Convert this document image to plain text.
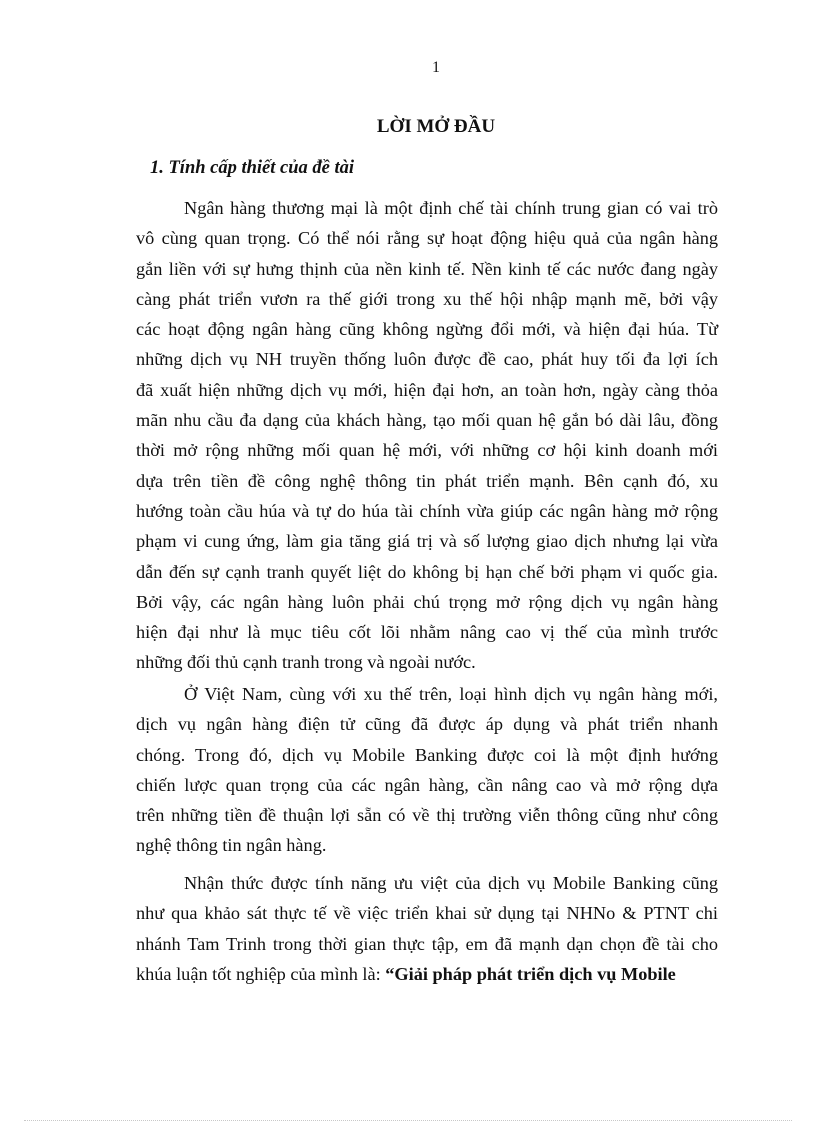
1
LỜI MỞ ĐẦU
1. Tính cấp thiết của đề tài
Ngân hàng thương mại là một định chế tài chính trung gian có vai trò
vô cùng quan trọng. Có thể nói rằng sự hoạt động hiệu quả của ngân hàng
gắn liền với sự hưng thịnh của nền kinh tế. Nền kinh tế các nước đang ngày
càng phát triển vươn ra thế giới trong xu thế hội nhập mạnh mẽ, bởi vậy
các hoạt động ngân hàng cũng không ngừng đổi mới, và hiện đại húa. Từ
những dịch vụ NH truyền thống luôn được đề cao, phát huy tối đa lợi ích
đã xuất hiện những dịch vụ mới, hiện đại hơn, an toàn hơn, ngày càng thỏa
mãn nhu cầu đa dạng của khách hàng, tạo mối quan hệ gắn bó dài lâu, đồng
thời mở rộng những mối quan hệ mới, với những cơ hội kinh doanh mới
dựa trên tiền đề công nghệ thông tin phát triển mạnh. Bên cạnh đó, xu
hướng toàn cầu húa và tự do húa tài chính vừa giúp các ngân hàng mở rộng
phạm vi cung ứng, làm gia tăng giá trị và số lượng giao dịch nhưng lại vừa
dẫn đến sự cạnh tranh quyết liệt do không bị hạn chế bởi phạm vi quốc gia.
Bởi vậy, các ngân hàng luôn phải chú trọng mở rộng dịch vụ ngân hàng
hiện đại như là mục tiêu cốt lõi nhằm nâng cao vị thế của mình trước
những đối thủ cạnh tranh trong và ngoài nước.
Ở Việt Nam, cùng với xu thế trên, loại hình dịch vụ ngân hàng mới,
dịch vụ ngân hàng điện tử cũng đã được áp dụng và phát triển nhanh
chóng. Trong đó, dịch vụ Mobile Banking được coi là một định hướng
chiến lược quan trọng của các ngân hàng, cần nâng cao và mở rộng dựa
trên những tiền đề thuận lợi sẵn có về thị trường viễn thông cũng như công
nghệ thông tin ngân hàng.
Nhận thức được tính năng ưu việt của dịch vụ Mobile Banking cũng
như qua khảo sát thực tế về việc triển khai sử dụng tại NHNo & PTNT chi
nhánh Tam Trinh trong thời gian thực tập, em đã mạnh dạn chọn đề tài cho
khúa luận tốt nghiệp của mình là: “Giải pháp phát triển dịch vụ Mobile
